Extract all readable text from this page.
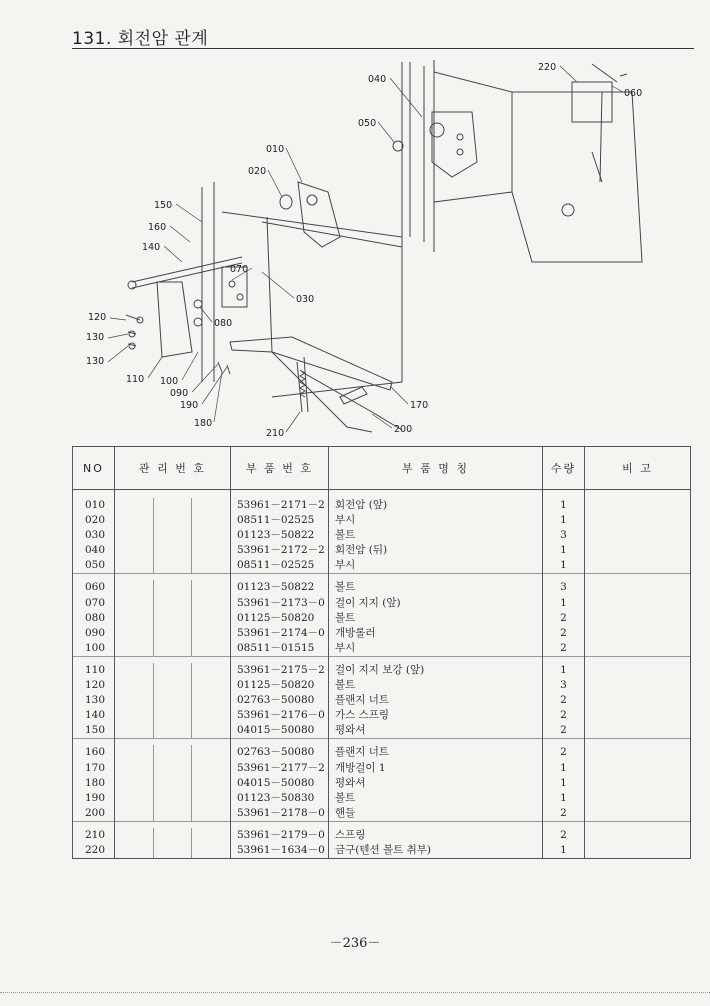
131. 회전암 관계
220
060
040
050
010
020
150
160
140
070
030
080
120
130
130
110 100
090
190
180
210	200
170
NO	관 리 번 호	부 품 번 호	부 품 명 칭	수량	비 고
010		53961－2171－2	회전암 (앞)	1	
020		08511－02525	부시	1	
030		01123－50822	볼트	3	
040		53961－2172－2	회전암 (뒤)	1	
050		08511－02525	부시	1	
060		01123－50822	볼트	3	
070		53961－2173－0	걸이 지지 (앞)	1	
080		01125－50820	볼트	2	
090		53961－2174－0	개방롤러	2	
100		08511－01515	부시	2	
110		53961－2175－2	걸이 지지 보강 (앞)	1	
120		01125－50820	볼트	3	
130		02763－50080	플랜지 너트	2	
140		53961－2176－0	가스 스프링	2	
150		04015－50080	평와셔	2	
160		02763－50080	플랜지 너트	2	
170		53961－2177－2	개방걸이 1	1	
180		04015－50080	평와셔	1	
190		01123－50830	볼트	1	
200		53961－2178－0	핸들	2	
210		53961－2179－0	스프링	2	
220		53961－1634－0	금구(텐션 볼트 취부)	1	
－236－
